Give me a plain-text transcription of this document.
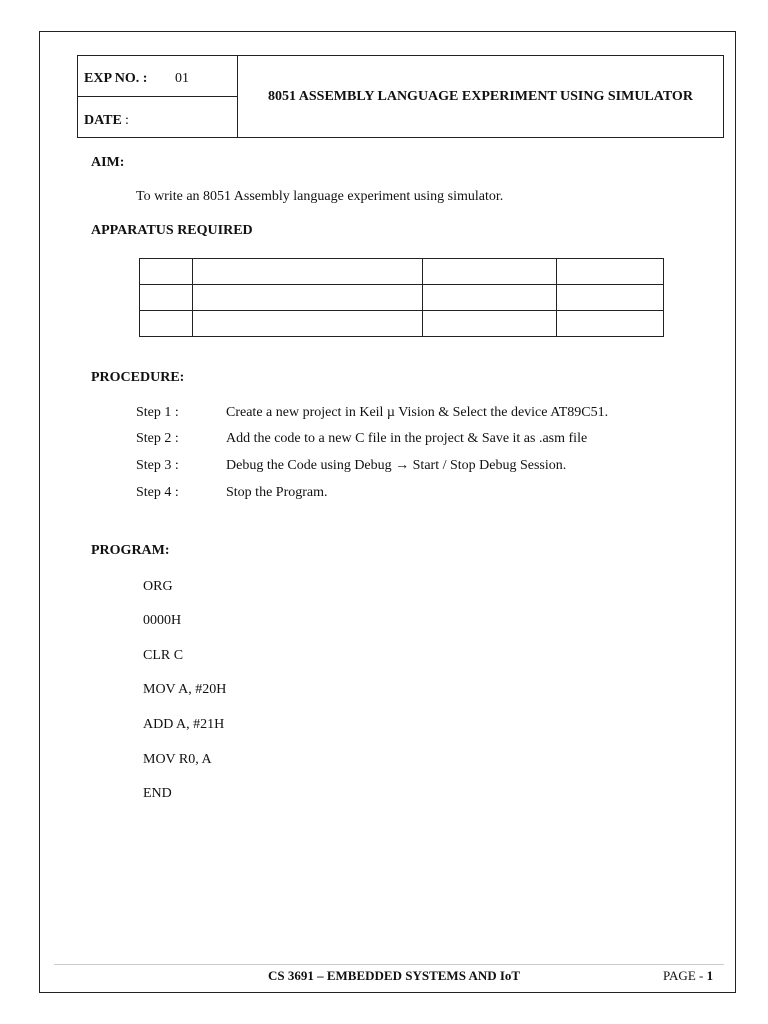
EXP NO. : 01
DATE :
8051 ASSEMBLY LANGUAGE EXPERIMENT USING SIMULATOR
AIM:
To write an 8051 Assembly language experiment using simulator.
APPARATUS REQUIRED

PROCEDURE:
Step 1 :	Create a new project in Keil µ Vision & Select the device AT89C51.
Step 2 :	Add the code to a new C file in the project & Save it as .asm file
Step 3 :	Debug the Code using Debug → Start / Stop Debug Session.
Step 4 :	Stop the Program.
PROGRAM:
ORG
0000H
CLR C
MOV A, #20H
ADD A, #21H
MOV R0, A
END
CS 3691 – EMBEDDED SYSTEMS AND IoT	PAGE - 1
